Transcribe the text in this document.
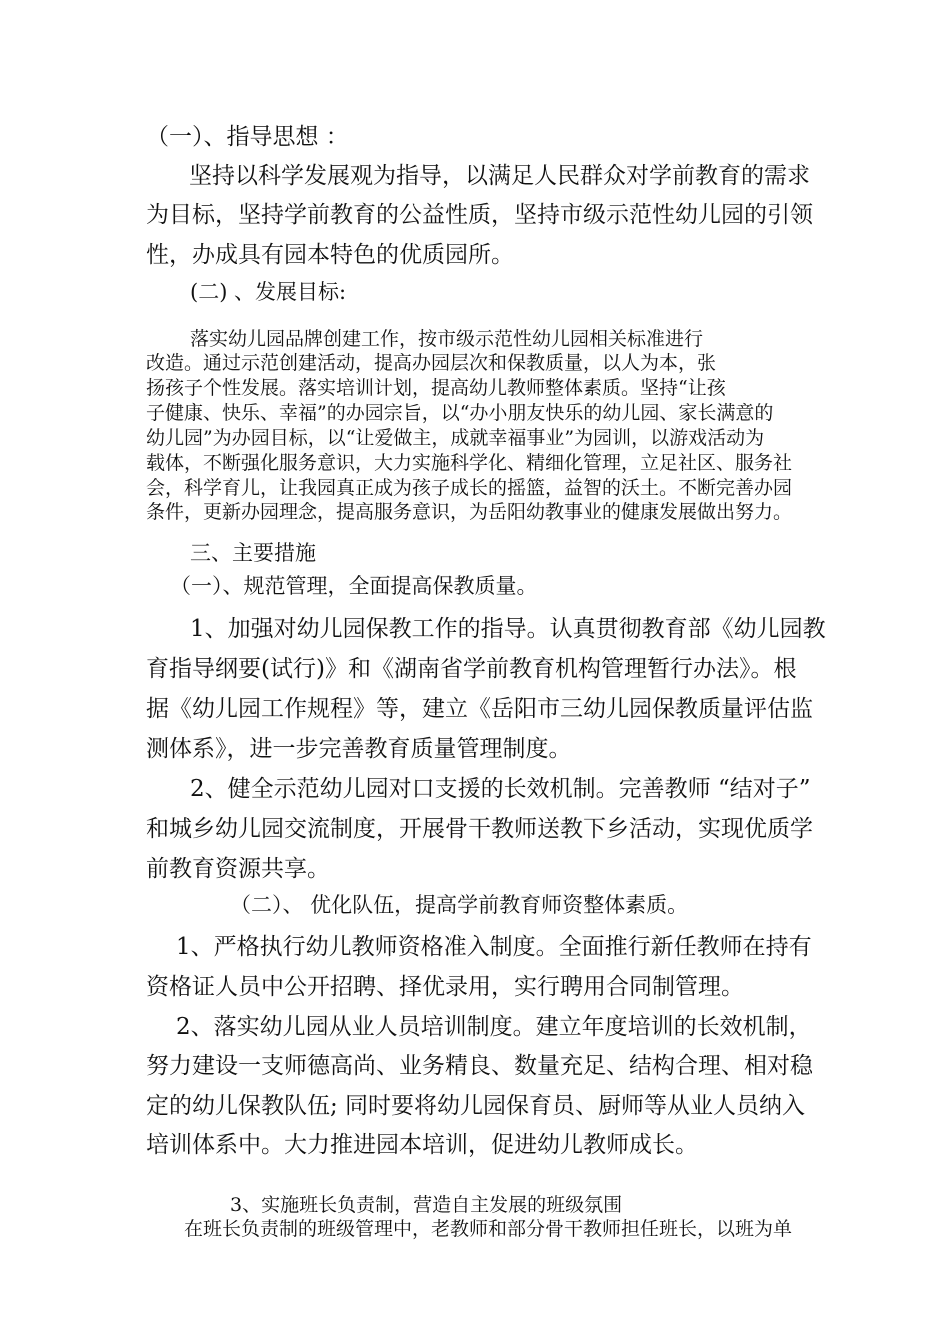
（一）、指导思想 ：

坚持以科学发展观为指导，以满足人民群众对学前教育的需求

为目标，坚持学前教育的公益性质，坚持市级示范性幼儿园的引领

性，办成具有园本特色的优质园所。

(二) 、发展目标:

落实幼儿园品牌创建工作，按市级示范性幼儿园相关标准进行

改造。通过示范创建活动，提高办园层次和保教质量，以人为本，张

扬孩子个性发展。落实培训计划，提高幼儿教师整体素质。坚持“让孩

子健康、快乐、幸福”的办园宗旨，以“办小朋友快乐的幼儿园、家长满意的

幼儿园”为办园目标，以“让爱做主，成就幸福事业”为园训，以游戏活动为

载体，不断强化服务意识，大力实施科学化、精细化管理，立足社区、服务社

会，科学育儿，让我园真正成为孩子成长的摇篮，益智的沃土。不断完善办园

条件，更新办园理念，提高服务意识，为岳阳幼教事业的健康发展做出努力。

三、主要措施

（一）、规范管理，全面提高保教质量。

1、加强对幼儿园保教工作的指导。认真贯彻教育部《幼儿园教

育指导纲要(试行)》和《湖南省学前教育机构管理暂行办法》。根

据《幼儿园工作规程》等，建立《岳阳市三幼儿园保教质量评估监

测体系》，进一步完善教育质量管理制度。

2、健全示范幼儿园对口支援的长效机制。完善教师 “结对子”

和城乡幼儿园交流制度，开展骨干教师送教下乡活动，实现优质学

前教育资源共享。

（二）、 优化队伍，提高学前教育师资整体素质。

1、严格执行幼儿教师资格准入制度。全面推行新任教师在持有

资格证人员中公开招聘、择优录用，实行聘用合同制管理。

2、落实幼儿园从业人员培训制度。建立年度培训的长效机制，

努力建设一支师德高尚、业务精良、数量充足、结构合理、相对稳

定的幼儿保教队伍; 同时要将幼儿园保育员、厨师等从业人员纳入

培训体系中。大力推进园本培训，促进幼儿教师成长。

3、实施班长负责制，营造自主发展的班级氛围

在班长负责制的班级管理中，老教师和部分骨干教师担任班长，以班为单
